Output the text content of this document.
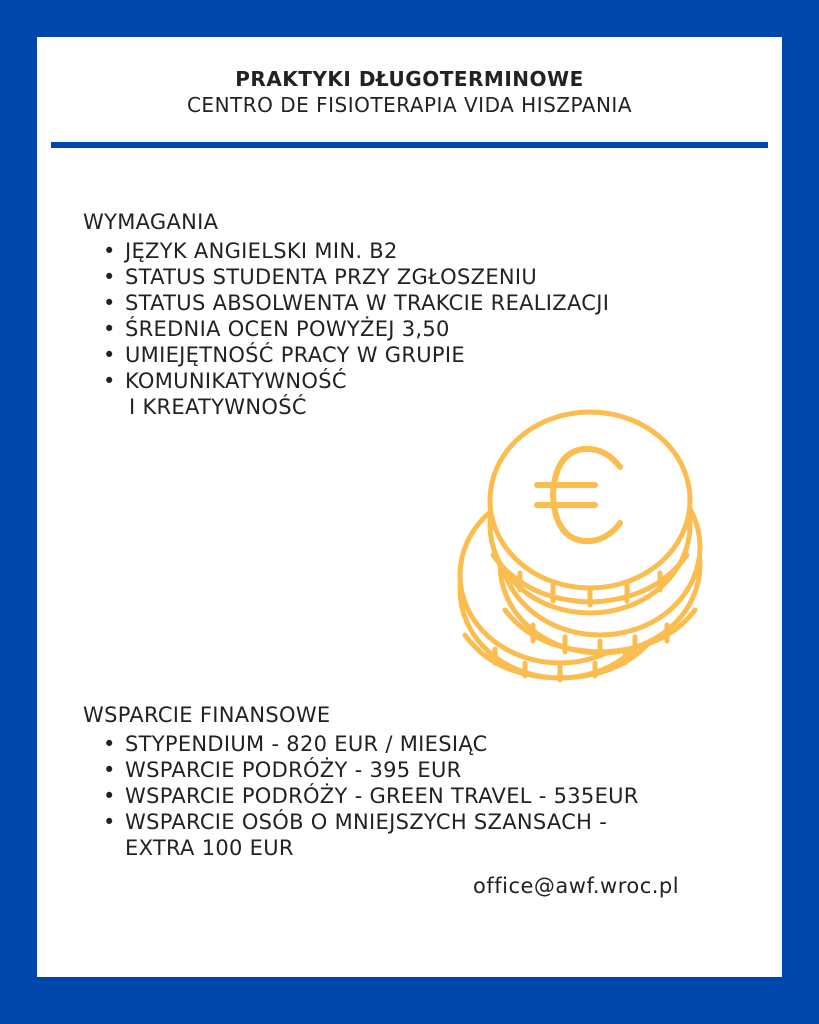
PRAKTYKI DŁUGOTERMINOWE
CENTRO DE FISIOTERAPIA VIDA HISZPANIA
WYMAGANIA
• JĘZYK ANGIELSKI MIN. B2
• STATUS STUDENTA PRZY ZGŁOSZENIU
• STATUS ABSOLWENTA W TRAKCIE REALIZACJI
• ŚREDNIA OCEN POWYŻEJ 3,50
• UMIEJĘTNOŚĆ PRACY W GRUPIE
• KOMUNIKATYWNOŚĆ
I KREATYWNOŚĆ
WSPARCIE FINANSOWE
• STYPENDIUM - 820 EUR / MIESIĄC
• WSPARCIE PODRÓŻY - 395 EUR
• WSPARCIE PODRÓŻY - GREEN TRAVEL - 535EUR
• WSPARCIE OSÓB O MNIEJSZYCH SZANSACH -
EXTRA 100 EUR
office@awf.wroc.pl
